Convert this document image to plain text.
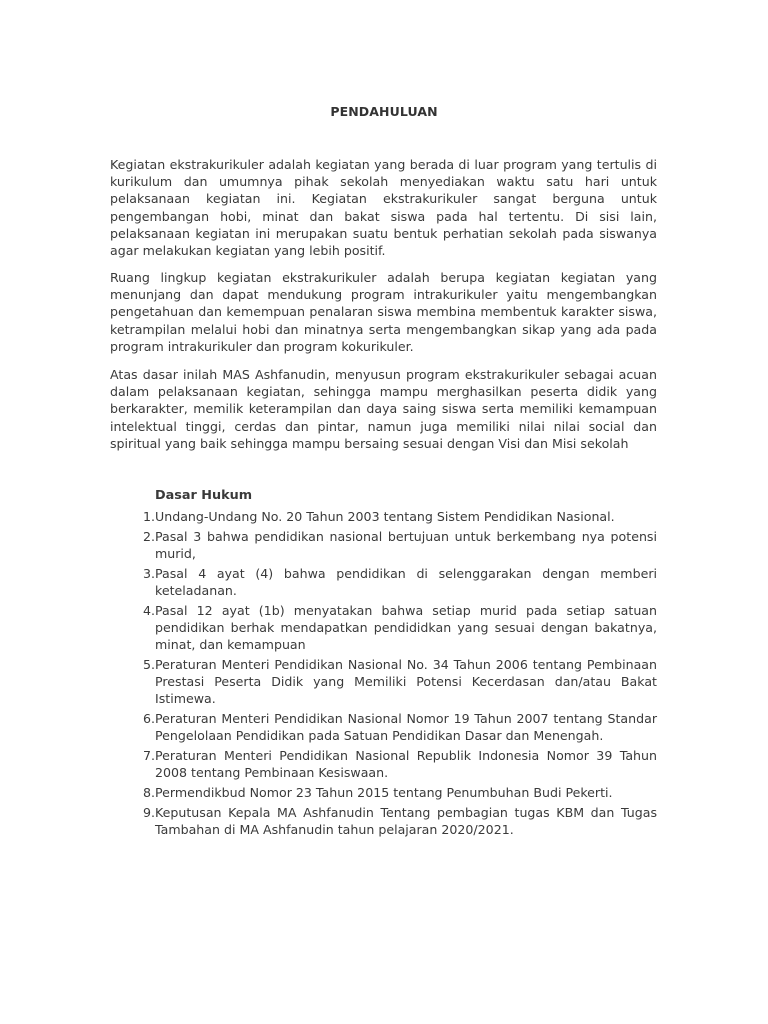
PENDAHULUAN

Kegiatan ekstrakurikuler adalah kegiatan yang berada di luar program yang tertulis di kurikulum dan umumnya pihak sekolah menyediakan waktu satu hari untuk pelaksanaan kegiatan ini. Kegiatan ekstrakurikuler sangat berguna untuk pengembangan hobi, minat dan bakat siswa pada hal tertentu. Di sisi lain, pelaksanaan kegiatan ini merupakan suatu bentuk perhatian sekolah pada siswanya agar melakukan kegiatan yang lebih positif.

Ruang lingkup kegiatan ekstrakurikuler adalah berupa kegiatan kegiatan yang menunjang dan dapat mendukung program intrakurikuler yaitu mengembangkan pengetahuan dan kemempuan penalaran siswa membina membentuk karakter siswa, ketrampilan melalui hobi dan minatnya serta mengembangkan sikap yang ada pada program intrakurikuler dan program kokurikuler.

Atas dasar inilah MAS Ashfanudin, menyusun program ekstrakurikuler sebagai acuan dalam pelaksanaan kegiatan, sehingga mampu merghasilkan peserta didik yang berkarakter, memilik keterampilan dan daya saing siswa serta memiliki kemampuan intelektual tinggi, cerdas dan pintar, namun juga memiliki nilai nilai social dan spiritual yang baik sehingga mampu bersaing sesuai dengan Visi dan Misi sekolah

Dasar Hukum
1. Undang-Undang No. 20 Tahun 2003 tentang Sistem Pendidikan Nasional.
2. Pasal 3 bahwa pendidikan nasional bertujuan untuk berkembang nya potensi murid,
3. Pasal 4 ayat (4) bahwa pendidikan di selenggarakan dengan memberi keteladanan.
4. Pasal 12 ayat (1b) menyatakan bahwa setiap murid pada setiap satuan pendidikan berhak mendapatkan pendididkan yang sesuai dengan bakatnya, minat, dan kemampuan
5. Peraturan Menteri Pendidikan Nasional No. 34 Tahun 2006 tentang Pembinaan Prestasi Peserta Didik yang Memiliki Potensi Kecerdasan dan/atau Bakat Istimewa.
6. Peraturan Menteri Pendidikan Nasional Nomor 19 Tahun 2007 tentang Standar Pengelolaan Pendidikan pada Satuan Pendidikan Dasar dan Menengah.
7. Peraturan Menteri Pendidikan Nasional Republik Indonesia Nomor 39 Tahun 2008 tentang Pembinaan Kesiswaan.
8. Permendikbud Nomor 23 Tahun 2015 tentang Penumbuhan Budi Pekerti.
9. Keputusan Kepala MA Ashfanudin Tentang pembagian tugas KBM dan Tugas Tambahan di MA Ashfanudin tahun pelajaran 2020/2021.
